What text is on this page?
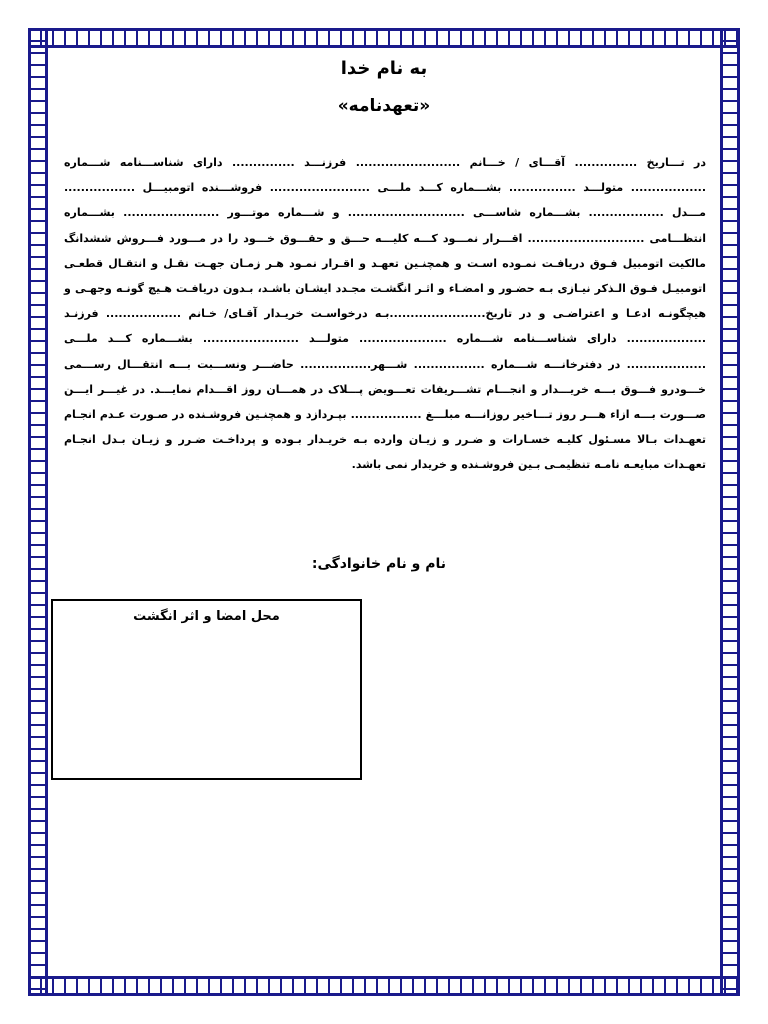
به نام خدا
«تعهدنامه»

در تـــاریخ ............... آقـــای / خـــانم ......................... فرزنـــد ............... دارای شناســـنامه شـــماره .................. متولـــد ................ بشـــماره کـــد ملـــی ........................ فروشـــنده اتومبیـــل ................. مـــدل .................. بشـــماره شاســـی ............................ و شـــماره موتـــور ....................... بشـــماره انتظـــامی ............................ اقـــرار نمـــود کـــه کلیـــه حـــق و حقـــوق خـــود را در مـــورد فـــروش ششدانگ مالکیت اتومبیل فـوق دریافـت نمـوده اسـت و همچنـین تعهـد و اقـرار نمـود هـر زمـان جهـت نقـل و انتقـال قطعـی اتومبیـل فـوق الـذکر نیـازی بـه حضـور و امضـاء و اثـر انگشـت مجـدد ایشـان باشـد، بـدون دریافـت هـیچ گونـه وجهـی و هیچگونـه ادعـا و اعتراضـی و در تاریخ.......................بـه درخواسـت خریـدار آقـای/ خـانم .................. فرزنـد ................... دارای شناســـنامه شـــماره ..................... متولـــد ....................... بشـــماره کـــد ملـــی ................... در دفترخانـــه شـــماره ................. شـــهر................. حاضـــر ونســـبت بـــه انتقـــال رســـمی خـــودرو فـــوق بـــه خریـــدار و انجـــام تشـــریفات تعـــویض پـــلاک در همـــان روز اقـــدام نمایـــد. در غیـــر ایـــن صـــورت بـــه ازاء هـــر روز تـــاخیر روزانـــه مبلـــغ ................. بپـردازد و همچنـین فروشـنده در صـورت عـدم انجـام تعهـدات بـالا مسـئول کلیـه خسـارات و ضـرر و زیـان وارده بـه خریـدار بـوده و پرداخـت ضـرر و زیـان بـدل انجـام تعهـدات مبایعـه نامـه تنظیمـی بـین فروشـنده و خریدار نمی باشد.

نام و نام خانوادگی:
محل امضا و اثر انگشت
